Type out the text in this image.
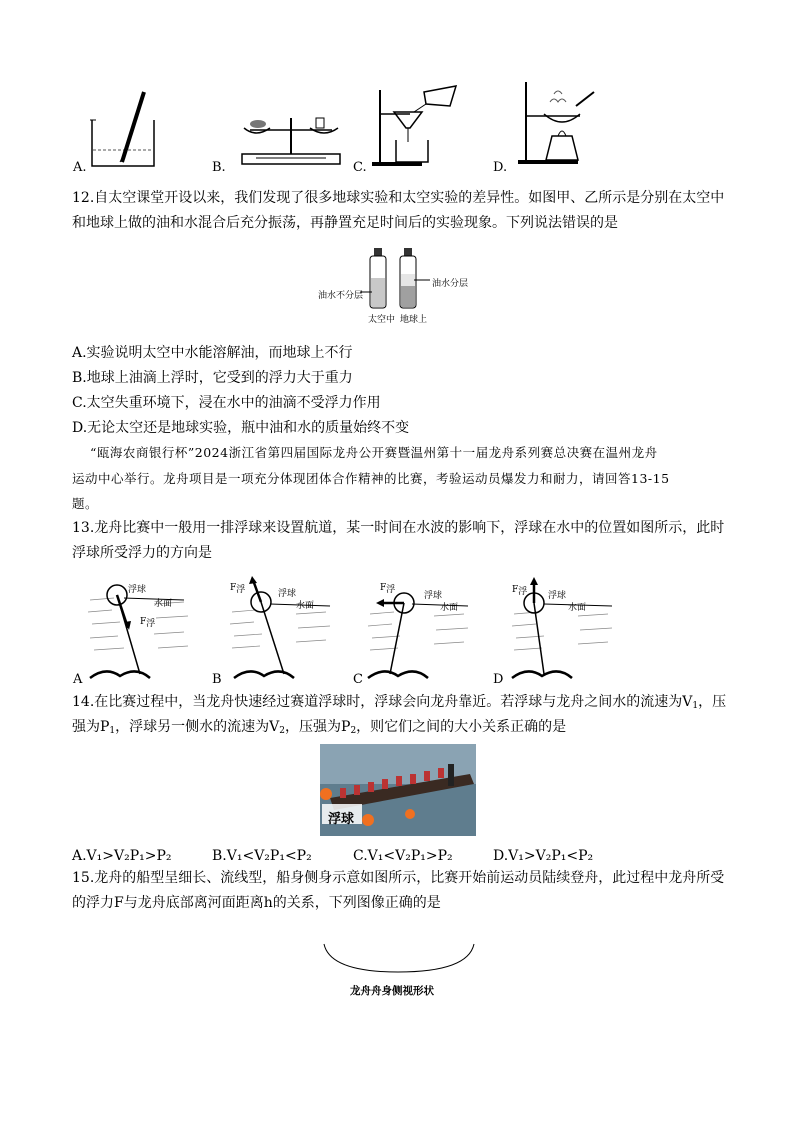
A.	B.	C.	D.
12.自太空课堂开设以来，我们发现了很多地球实验和太空实验的差异性。如图甲、乙所示是分别在太空中
和地球上做的油和水混合后充分振荡，再静置充足时间后的实验现象。下列说法错误的是
油水不分层
油水分层
太空中 地球上
A.实验说明太空中水能溶解油，而地球上不行
B.地球上油滴上浮时，它受到的浮力大于重力
C.太空失重环境下，浸在水中的油滴不受浮力作用
D.无论太空还是地球实验，瓶中油和水的质量始终不变
“瓯海农商银行杯”2024浙江省第四届国际龙舟公开赛暨温州第十一届龙舟系列赛总决赛在温州龙舟
运动中心举行。龙舟项目是一项充分体现团体合作精神的比赛，考验运动员爆发力和耐力，请回答13-15
题。
13.龙舟比赛中一般用一排浮球来设置航道，某一时间在水波的影响下，浮球在水中的位置如图所示，此时
浮球所受浮力的方向是
浮球
水面
F浮
A
F浮	浮球
水面
B
F浮
浮球
水面
C
F浮 浮球
水面
D
14.在比赛过程中，当龙舟快速经过赛道浮球时，浮球会向龙舟靠近。若浮球与龙舟之间水的流速为$V_1$，压
强为$P_1$，浮球另一侧水的流速为$V_2$，压强为$P_2$，则它们之间的大小关系正确的是
浮球
A.V₁>V₂P₁>P₂	B.V₁<V₂P₁<P₂	C.V₁<V₂P₁>P₂	D.V₁>V₂P₁<P₂
15.龙舟的船型呈细长、流线型，船身侧身示意如图所示，比赛开始前运动员陆续登舟，此过程中龙舟所受
的浮力F与龙舟底部离河面距离h的关系，下列图像正确的是
龙舟舟身侧视形状
